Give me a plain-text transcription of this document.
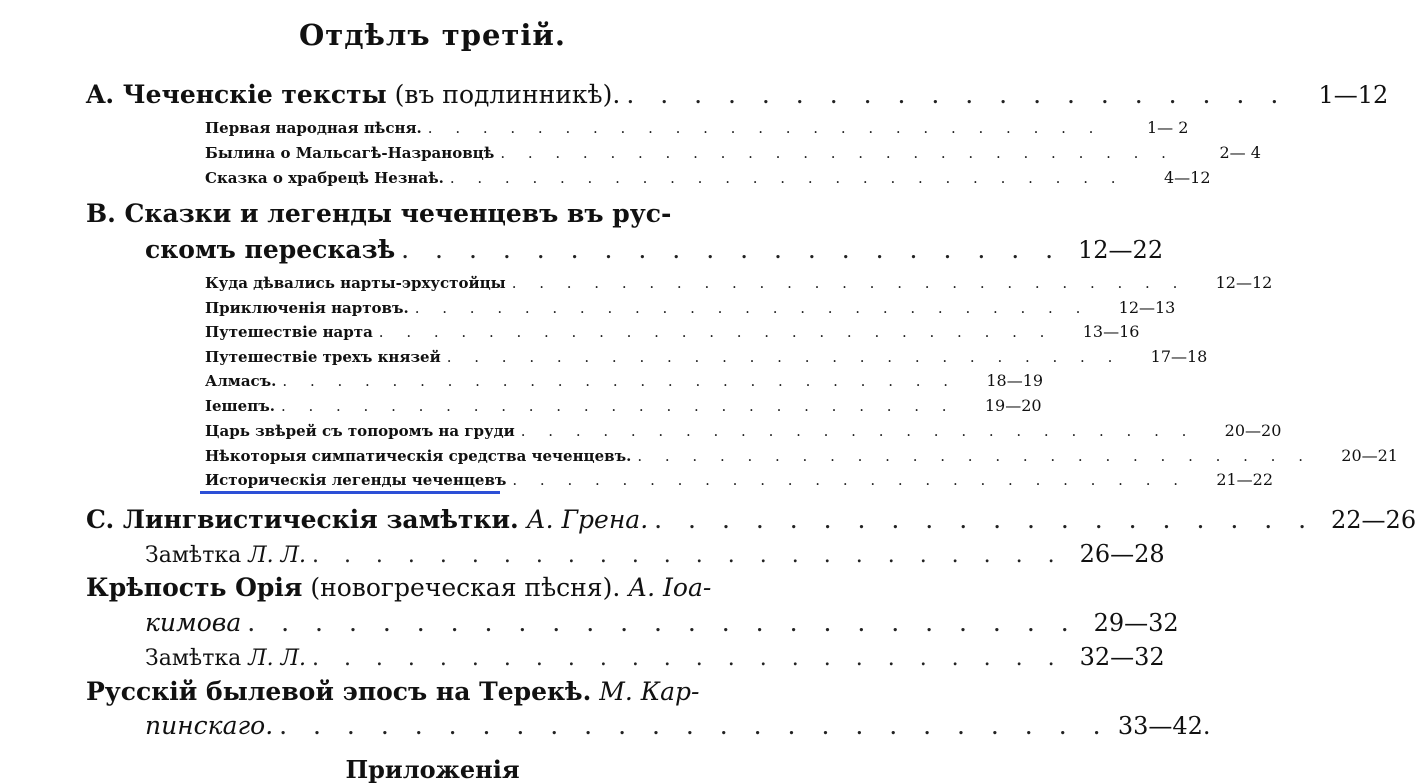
Отдѣлъ третій.
A. Чеченскіе тексты (въ подлинникѣ). . . . . . . . . . . . . . . . . . . . .	1—12
Первая народная пѣсня. . . . . . . . . . . . . . . . . . . . . . . . . .	1— 2
Былина о Мальсагѣ-Назрановцѣ . . . . . . . . . . . . . . . . . . . . . . . . .	2— 4
Сказка о храбрецѣ Незнаѣ. . . . . . . . . . . . . . . . . . . . . . . . . .	4—12
B. Сказки и легенды чеченцевъ въ рус-
скомъ пересказѣ . . . . . . . . . . . . . . . . . . . . 12—22
Куда дѣвались нарты-эрхустойцы . . . . . . . . . . . . . . . . . . . . . . . . .	12—12
Приключенія нартовъ. . . . . . . . . . . . . . . . . . . . . . . . . .	12—13
Путешествіе нарта . . . . . . . . . . . . . . . . . . . . . . . . .	13—16
Путешествіе трехъ князей . . . . . . . . . . . . . . . . . . . . . . . . .	17—18
Алмасъ. . . . . . . . . . . . . . . . . . . . . . . . . .	18—19
Іешепъ. . . . . . . . . . . . . . . . . . . . . . . . . .	19—20
Царь звѣрей съ топоромъ на груди . . . . . . . . . . . . . . . . . . . . . . . . .	20—20
Нѣкоторыя симпатическія средства чеченцевъ. . . . . . . . . . . . . . . . . . . . . . . . . .	20—21
Историческія легенды чеченцевъ . . . . . . . . . . . . . . . . . . . . . . . . .	21—22
C. Лингвистическія замѣтки. А. Грена. . . . . . . . . . . . . . . . . . . . . 22—26
Замѣтка Л. Л. . . . . . . . . . . . . . . . . . . . . . . . . 26—28
Крѣпость Орія (новогреческая пѣсня). А. Іоа-
кимова . . . . . . . . . . . . . . . . . . . . . . . . . 29—32
Замѣтка Л. Л. . . . . . . . . . . . . . . . . . . . . . . . . 32—32
Русскій былевой эпосъ на Терекѣ. М. Кар-
пинскаго. . . . . . . . . . . . . . . . . . . . . . . . . . 33—42.
Приложенія
